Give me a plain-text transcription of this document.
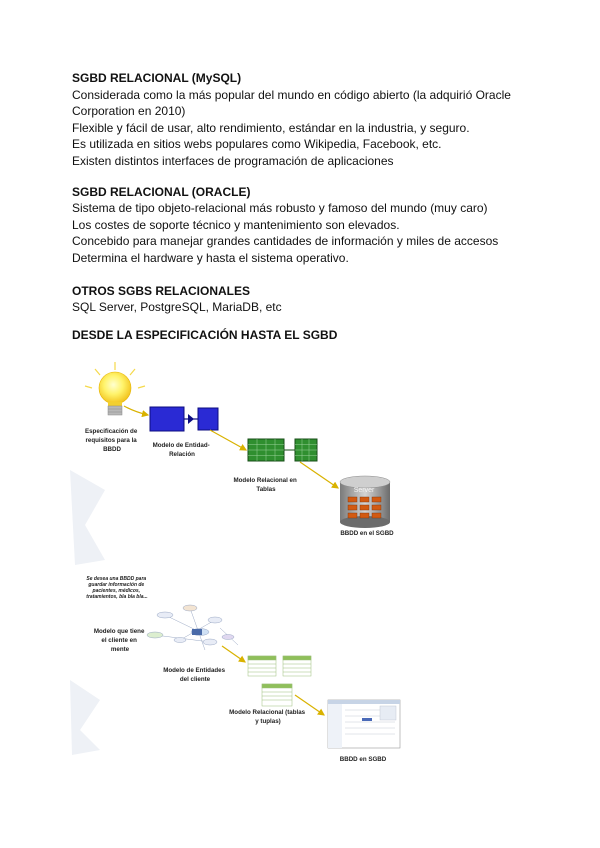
SGBD RELACIONAL (MySQL)

Considerada como la más popular del mundo en código abierto (la adquirió Oracle

Corporation en 2010)

Flexible y fácil de usar, alto rendimiento, estándar en la industria, y seguro.

Es utilizada en sitios webs populares como Wikipedia, Facebook, etc.

Existen distintos interfaces de programación de aplicaciones

SGBD RELACIONAL (ORACLE)

Sistema de tipo objeto-relacional más robusto y famoso del mundo (muy caro)

Los costes de soporte técnico y mantenimiento son elevados.

Concebido para manejar grandes cantidades de información y miles de accesos

Determina el hardware y hasta el sistema operativo.

OTROS SGBS RELACIONALES

SQL Server, PostgreSQL, MariaDB, etc

DESDE LA ESPECIFICACIÓN HASTA EL SGBD
Especificación de requisitos para la BBDD
Modelo de Entidad- Relación
Modelo Relacional en Tablas	Server
BBDD en el SGBD
Se desea una BBDD para guardar información de pacientes, médicos, tratamientos, bla bla bla...
Modelo que tiene el cliente en mente
Modelo de Entidades del cliente
Modelo Relacional (tablas y tuplas)
BBDD en SGBD
